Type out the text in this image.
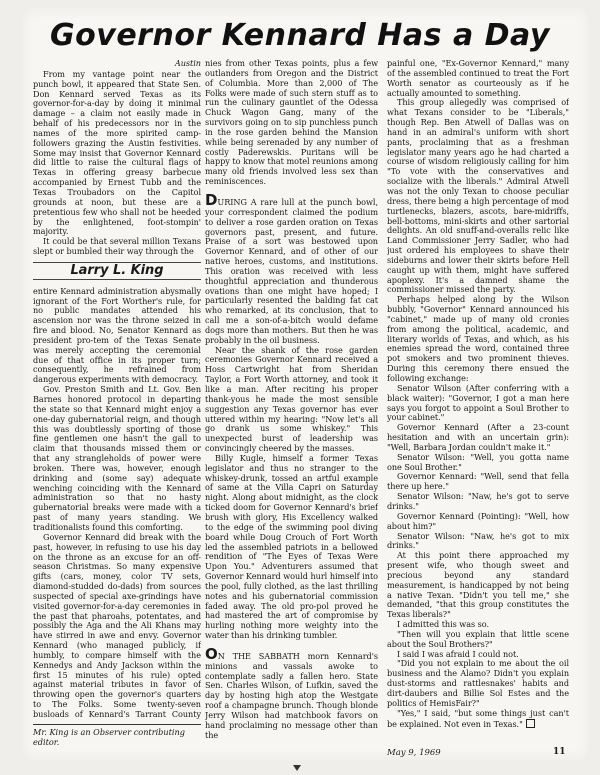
Governor Kennard Has a Day
Austin

From my vantage point near the punch bowl, it appeared that State Sen. Don Kennard served Texas as its governor-for-a-day by doing it minimal damage – a claim not easily made in behalf of his predecessors nor in the names of the more spirited camp-followers grazing the Austin festivities. Some may insist that Governor Kennard did little to raise the cultural flags of Texas in offering greasy barbecue accompanied by Ernest Tubb and the Texas Troubadors on the Capitol grounds at noon, but these are a pretentious few who shall not be heeded by the enlightened, foot-stompin' majority.

It could be that several million Texans slept or bumbled their way through the

Larry L. King

entire Kennard administration abysmally ignorant of the Fort Worther's rule, for no public mandates attended his ascension nor was the throne seized in fire and blood. No, Senator Kennard as president pro-tem of the Texas Senate was merely accepting the ceremonial due of that office in its proper turn; consequently, he refrained from dangerous experiments with democracy.

Gov. Preston Smith and Lt. Gov. Ben Barnes honored protocol in departing the state so that Kennard might enjoy a one-day gubernatorial reign, and though this was doubtlessly sporting of those fine gentlemen one hasn't the gall to claim that thousands missed them or that any strangleholds of power were broken. There was, however, enough drinking and (some say) adequate wenching coinciding with the Kennard administration so that no hasty gubernatorial breaks were made with a past of many years standing. We traditionalists found this comforting.

Governor Kennard did break with the past, however, in refusing to use his day on the throne as an excuse for an off-season Christmas. So many expensive gifts (cars, money, color TV sets, diamond-studded do-dads) from sources suspected of special axe-grindings have visited governor-for-a-day ceremonies in the past that pharoahs, potentates, and possibly the Aga and the Ali Khans may have stirred in awe and envy. Governor Kennard (who managed publicly, if humbly, to compare himself with the Kennedys and Andy Jackson within the first 15 minutes of his rule) opted against material tributes in favor of throwing open the governor's quarters to The Folks. Some twenty-seven busloads of Kennard's Tarrant County

Mr. King is an Observer contributing editor.

nies from other Texas points, plus a few outlanders from Oregon and the District of Columbia. More than 2,000 of The Folks were made of such stern stuff as to run the culinary gauntlet of the Odessa Chuck Wagon Gang, many of the survivors going on to sip punchless punch in the rose garden behind the Mansion while being serenaded by any number of costly Paderewskis. Puritans will be happy to know that motel reunions among many old friends involved less sex than reminiscences.

DURING A rare lull at the punch bowl, your correspondent claimed the podium to deliver a rose garden oration on Texas governors past, present, and future. Praise of a sort was bestowed upon Governor Kennard, and of other of our native heroes, customs, and institutions. This oration was received with less thoughtful appreciation and thunderous ovations than one might have hoped; I particularly resented the balding fat cat who remarked, at its conclusion, that to call me a son-of-a-bitch would defame dogs more than mothers. But then he was probably in the oil business.

Near the shank of the rose garden ceremonies Governor Kennard received a Hoss Cartwright hat from Sheridan Taylor, a Fort Worth attorney, and took it like a man. After reciting his proper thank-yous he made the most sensible suggestion any Texas governor has ever uttered within my hearing: "Now let's all go drank us some whiskey." This unexpected burst of leadership was convincingly cheered by the masses.

Billy Kugle, himself a former Texas legislator and thus no stranger to the whiskey-drunk, tossed an artful example of same at the Villa Capri on Saturday night. Along about midnight, as the clock ticked doom for Governor Kennard's brief brush with glory, His Excellency walked to the edge of the swimming pool diving board while Doug Crouch of Fort Worth led the assembled patriots in a bellowed rendition of "The Eyes of Texas Were Upon You." Adventurers assumed that Governor Kennard would hurl himself into the pool, fully clothed, as the last thrilling notes and his gubernatorial commission faded away. The old pro-pol proved he had mastered the art of compromise by hurling nothing more weighty into the water than his drinking tumbler.

ON THE SABBATH morn Kennard's minions and vassals awoke to contemplate sadly a fallen hero. State Sen. Charles Wilson, of Lufkin, saved the day by hosting high atop the Westgate roof a champagne brunch. Though blonde Jerry Wilson had matchbook favors on hand proclaiming no message other than the

painful one, "Ex-Governor Kennard," many of the assembled continued to treat the Fort Worth senator as courteously as if he actually amounted to something.

This group allegedly was comprised of what Texans consider to be "Liberals," though Rep. Ben Atwell of Dallas was on hand in an admiral's uniform with short pants, proclaiming that as a freshman legislator many years ago he had charted a course of wisdom religiously calling for him "To vote with the conservatives and socialize with the liberals." Admiral Atwell was not the only Texan to choose peculiar dress, there being a high percentage of mod turtlenecks, blazers, ascots, bare-midriffs, bell-bottoms, mini-skirts and other sartorial delights. An old snuff-and-overalls relic like Land Commissioner Jerry Sadler, who had just ordered his employees to shave their sideburns and lower their skirts before Hell caught up with them, might have suffered apoplexy. It's a damned shame the commissioner missed the party.

Perhaps helped along by the Wilson bubbly, "Governor" Kennard announced his "cabinet," made up of many old cronies from among the political, academic, and literary worlds of Texas, and which, as his enemies spread the word, contained three pot smokers and two prominent thieves. During this ceremony there ensued the following exchange:

Senator Wilson (After conferring with a black waiter): "Governor, I got a man here says you forgot to appoint a Soul Brother to your cabinet."

Governor Kennard (After a 23-count hesitation and with an uncertain grin): "Well, Barbara Jordan couldn't make it."

Senator Wilson: "Well, you gotta name one Soul Brother."

Governor Kennard: "Well, send that fella there up here."

Senator Wilson: "Naw, he's got to serve drinks."

Governor Kennard (Pointing): "Well, how about him?"

Senator Wilson: "Naw, he's got to mix drinks."

At this point there approached my present wife, who though sweet and precious beyond any standard measurement, is handicapped by not being a native Texan. "Didn't you tell me," she demanded, "that this group constitutes the Texas liberals?"

I admitted this was so.

"Then will you explain that little scene about the Soul Brothers?"

I said I was afraid I could not.

"Did you not explain to me about the oil business and the Alamo? Didn't you explain dust-storms and rattlesnakes' habits and dirt-daubers and Billie Sol Estes and the politics of HemisFair?"

"Yes," I said, "but some things just can't be explained. Not even in Texas."

May 9, 1969	11
